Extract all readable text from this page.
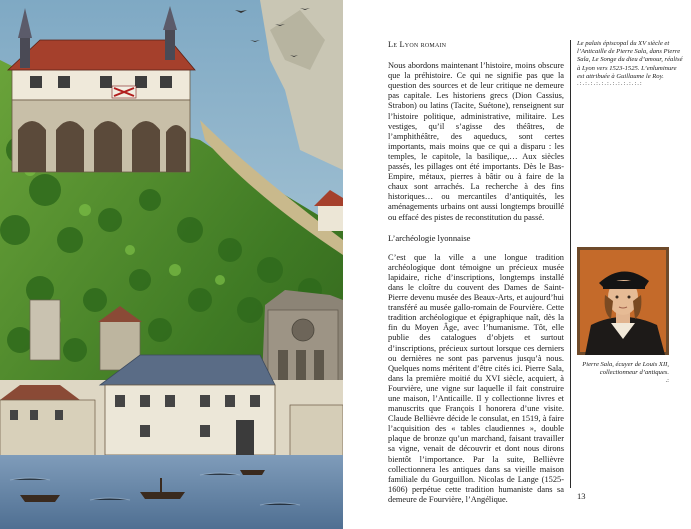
Le Lyon romain

Nous abordons maintenant l’histoire, moins obscure que la préhistoire. Ce qui ne signifie pas que la question des sources et de leur critique ne demeure pas capitale. Les historiens grecs (Dion Cassius, Strabon) ou latins (Tacite, Suétone), renseignent sur l’histoire politique, administrative, militaire. Les vestiges, qu’il s’agisse des théâtres, de l’amphithéâtre, des aqueducs, sont certes importants, mais moins que ce qui a disparu : les temples, le capitole, la basilique,… Aux siècles passés, les pillages ont été importants. Dès le Bas-Empire, métaux, pierres à bâtir ou à faire de la chaux sont arrachés. La recherche à des fins historiques… ou mercantiles d’antiquités, les aménagements urbains ont aussi longtemps brouillé ou effacé des pistes de reconstitution du passé.

L’archéologie lyonnaise

C’est que la ville a une longue tradition archéologique dont témoigne un précieux musée lapidaire, riche d’inscriptions, longtemps installé dans le cloître du couvent des Dames de Saint-Pierre devenu musée des Beaux-Arts, et aujourd’hui transféré au musée gallo-romain de Fourvière. Cette tradition archéologique et épigraphique naît, dès la fin du Moyen Âge, avec l’humanisme. Tôt, elle publie des catalogues d’objets et surtout d’inscriptions, précieux surtout lorsque ces derniers ou dernières ne sont pas parvenus jusqu’à nous. Quelques noms méritent d’être cités ici. Pierre Sala, dans la première moitié du XVI siècle, acquiert, à Fourvière, une vigne sur laquelle il fait construire une maison, l’Anticaille. Il y collectionne livres et manuscrits que François I honorera d’une visite. Claude Bellièvre décide le consulat, en 1519, à faire l’acquisition des « tables claudiennes », double plaque de bronze qu’un marchand, faisant travailler sa vigne, venait de découvrir et dont nous dirons bientôt l’importance. Par la suite, Bellièvre collectionnera les antiques dans sa vieille maison familiale du Gourguillon. Nicolas de Lange (1525-1606) perpétue cette tradition humaniste dans sa demeure de Fourvière, l’Angélique.

Le palais épiscopal du XV siècle et l’Anticaille de Pierre Sala, dans Pierre Sala, Le Songe du dieu d’amour, réalisé à Lyon vers 1523-1525. L’enluminure est attribuée à Guillaume le Roy.
.:.:.:.:.:.:.:.:.:.:.:.:
Pierre Sala, écuyer de Louis XII, collectionneur d’antiques.
.:
13
